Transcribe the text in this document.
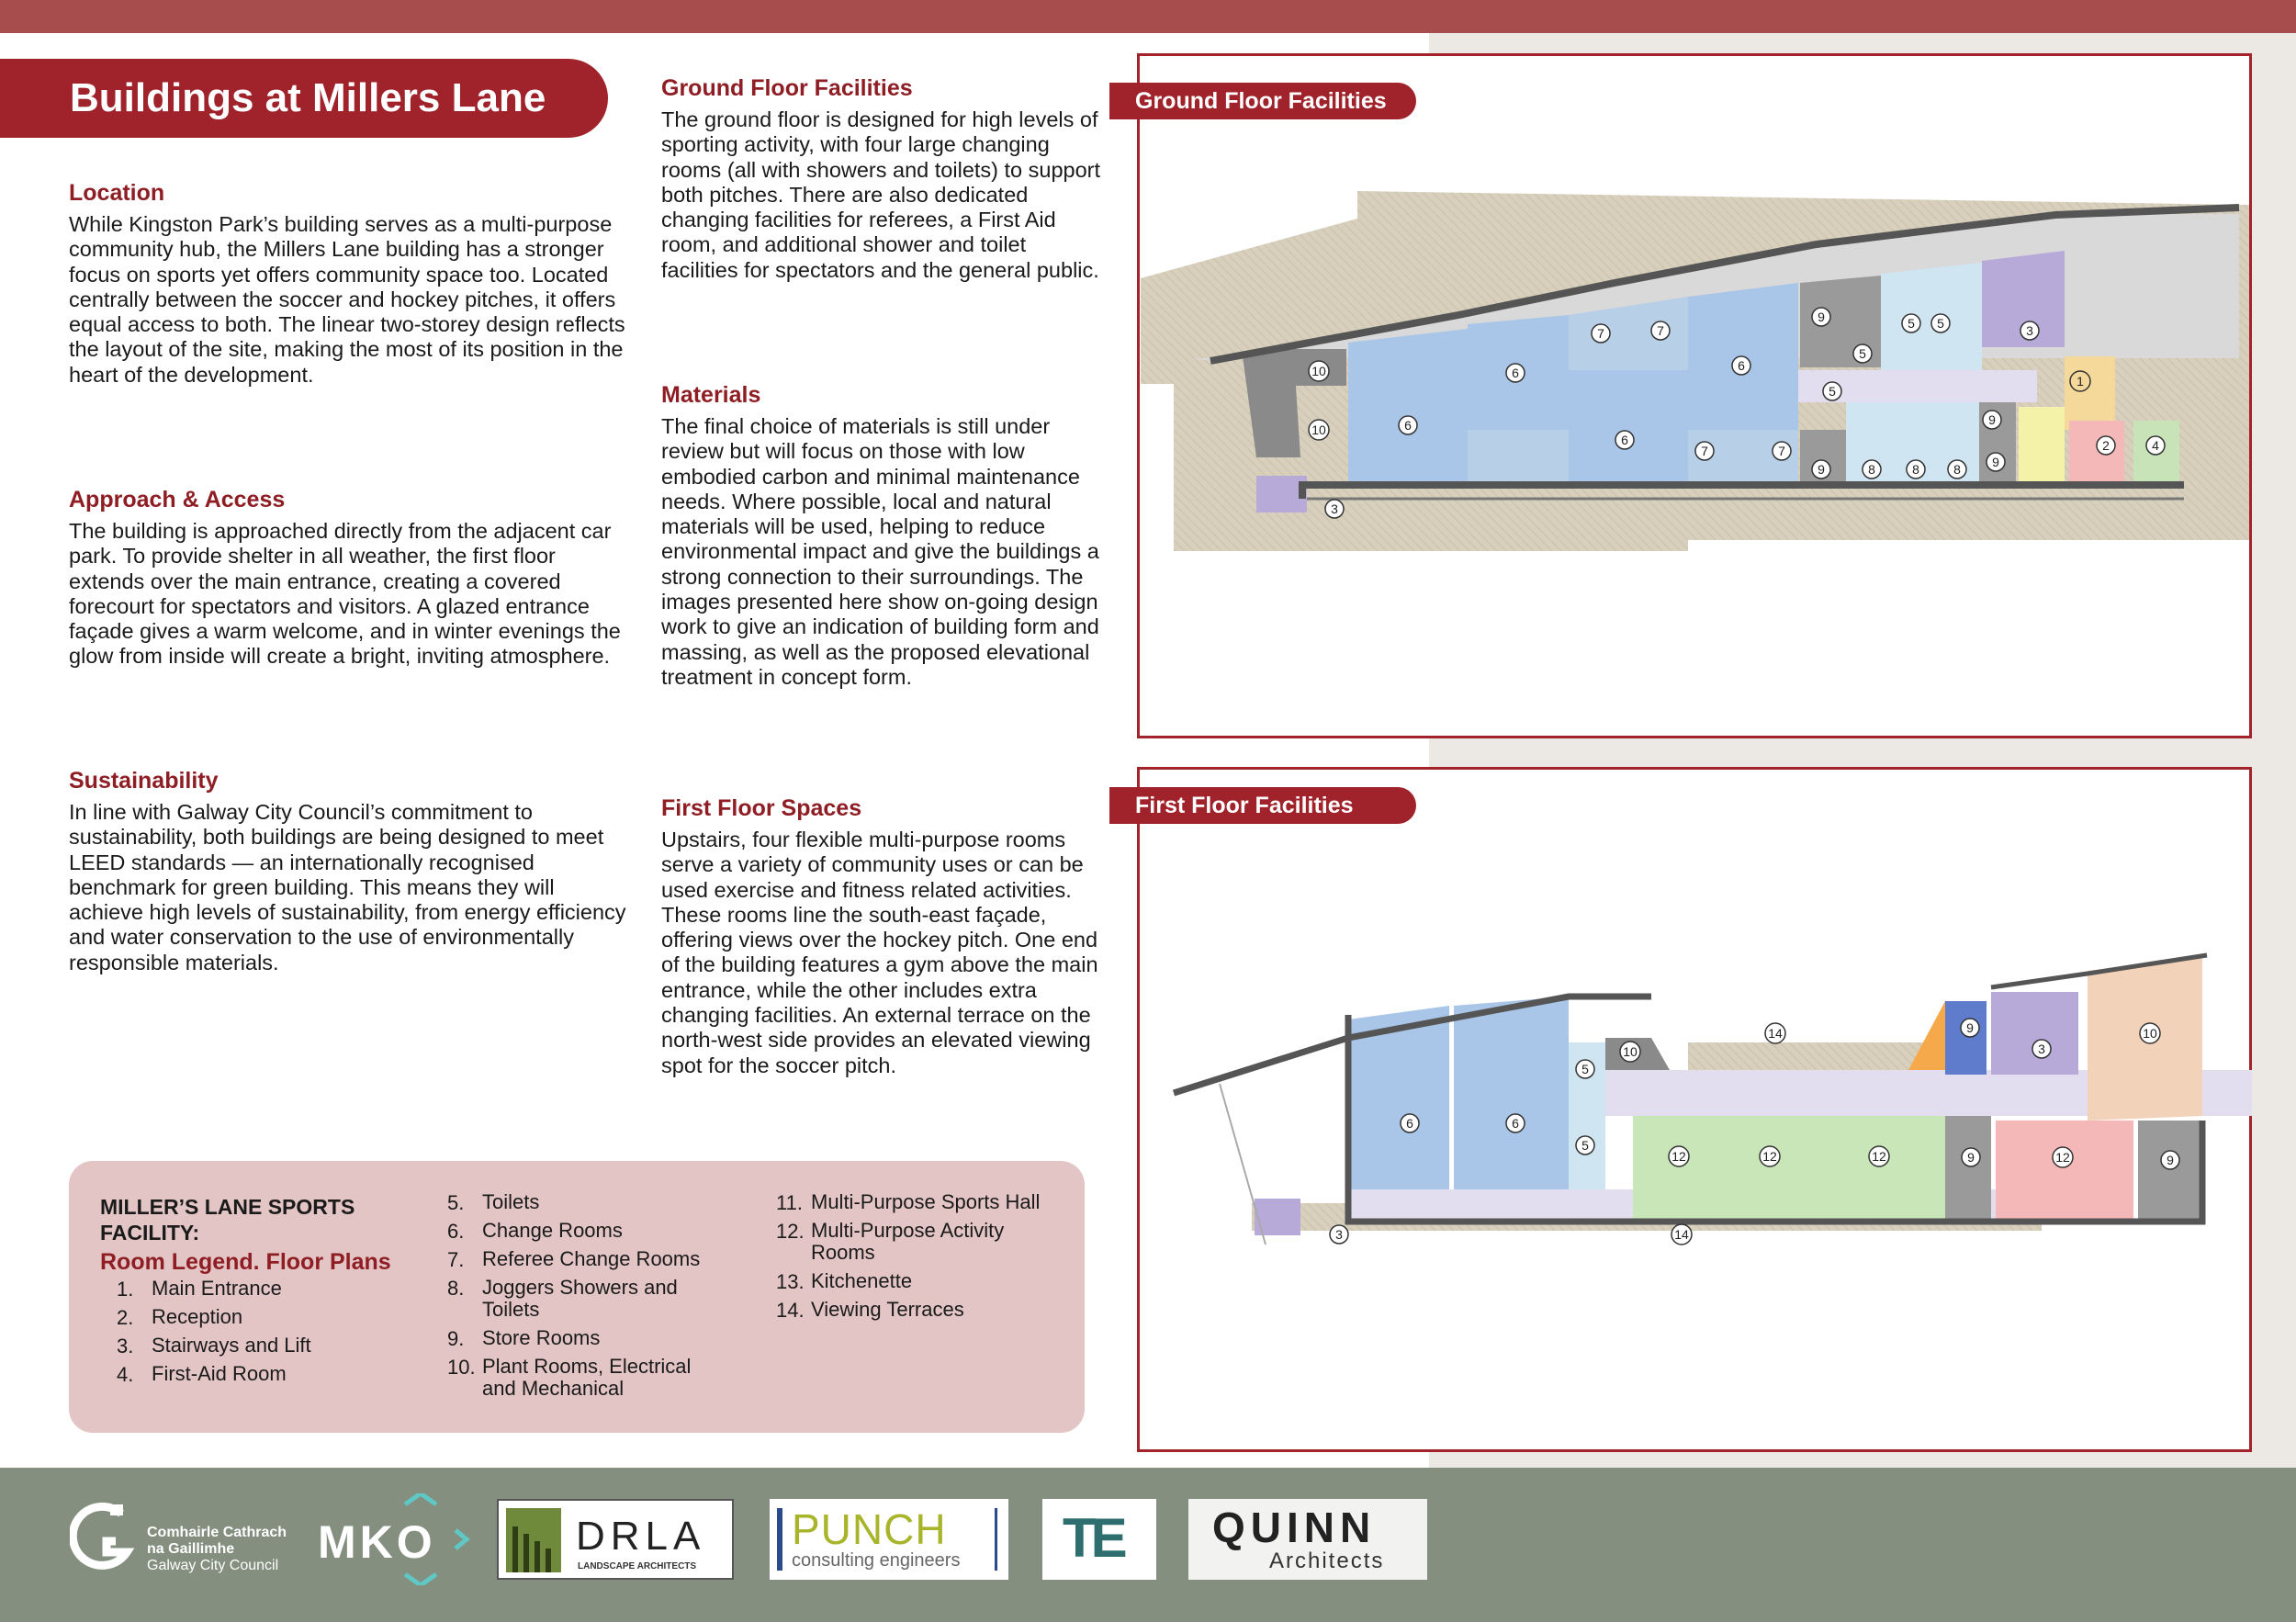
Buildings at Millers Lane
Location

While Kingston Park’s building serves as a multi-purpose community hub, the Millers Lane building has a stronger focus on sports yet offers community space too. Located centrally between the soccer and hockey pitches, it offers equal access to both. The linear two-storey design reflects the layout of the site, making the most of its position in the heart of the development.

Approach & Access

The building is approached directly from the adjacent car park. To provide shelter in all weather, the first floor extends over the main entrance, creating a covered forecourt for spectators and visitors. A glazed entrance façade gives a warm welcome, and in winter evenings the glow from inside will create a bright, inviting atmosphere.

Sustainability

In line with Galway City Council’s commitment to sustainability, both buildings are being designed to meet LEED standards — an internationally recognised benchmark for green building. This means they will achieve high levels of sustainability, from energy efficiency and water conservation to the use of environmentally responsible materials.

Ground Floor Facilities

The ground floor is designed for high levels of sporting activity, with four large changing rooms (all with showers and toilets) to support both pitches. There are also dedicated changing facilities for referees, a First Aid room, and additional shower and toilet facilities for spectators and the general public.

Materials

The final choice of materials is still under review but will focus on those with low embodied carbon and minimal maintenance needs. Where possible, local and natural materials will be used, helping to reduce environmental impact and give the buildings a strong connection to their surroundings. The images presented here show on-going design work to give an indication of building form and massing, as well as the proposed elevational treatment in concept form.

First Floor Spaces

Upstairs, four flexible multi-purpose rooms serve a variety of community uses or can be used exercise and fitness related activities. These rooms line the south-east façade, offering views over the hockey pitch. One end of the building features a gym above the main entrance, while the other includes extra changing facilities. An external terrace on the north-west side provides an elevated viewing spot for the soccer pitch.

Ground Floor Facilities
10
10	6
6
7	7
6
6
7	7
9
9
5 5
5
5
3
1
9
8	8	8 9
2	4
3
First Floor Facilities
10
5
5
14	9
3
10
6	6
12	12	12	9	12	9
3	14
MILLER’S LANE SPORTS FACILITY:
Room Legend. Floor Plans
1. Main Entrance
2. Reception
3. Stairways and Lift
4. First-Aid Room
5. Toilets
6. Change Rooms
7. Referee Change Rooms
8. Joggers Showers and Toilets
9. Store Rooms
10. Plant Rooms, Electrical and Mechanical
11. Multi-Purpose Sports Hall
12. Multi-Purpose Activity Rooms
13. Kitchenette
14. Viewing Terraces
Comhairle Cathrach
na Gaillimhe
Galway City Council MKO	DRLA
LANDSCAPE ARCHITECTS
PUNCH
consulting engineers TE QUINN
Architects
